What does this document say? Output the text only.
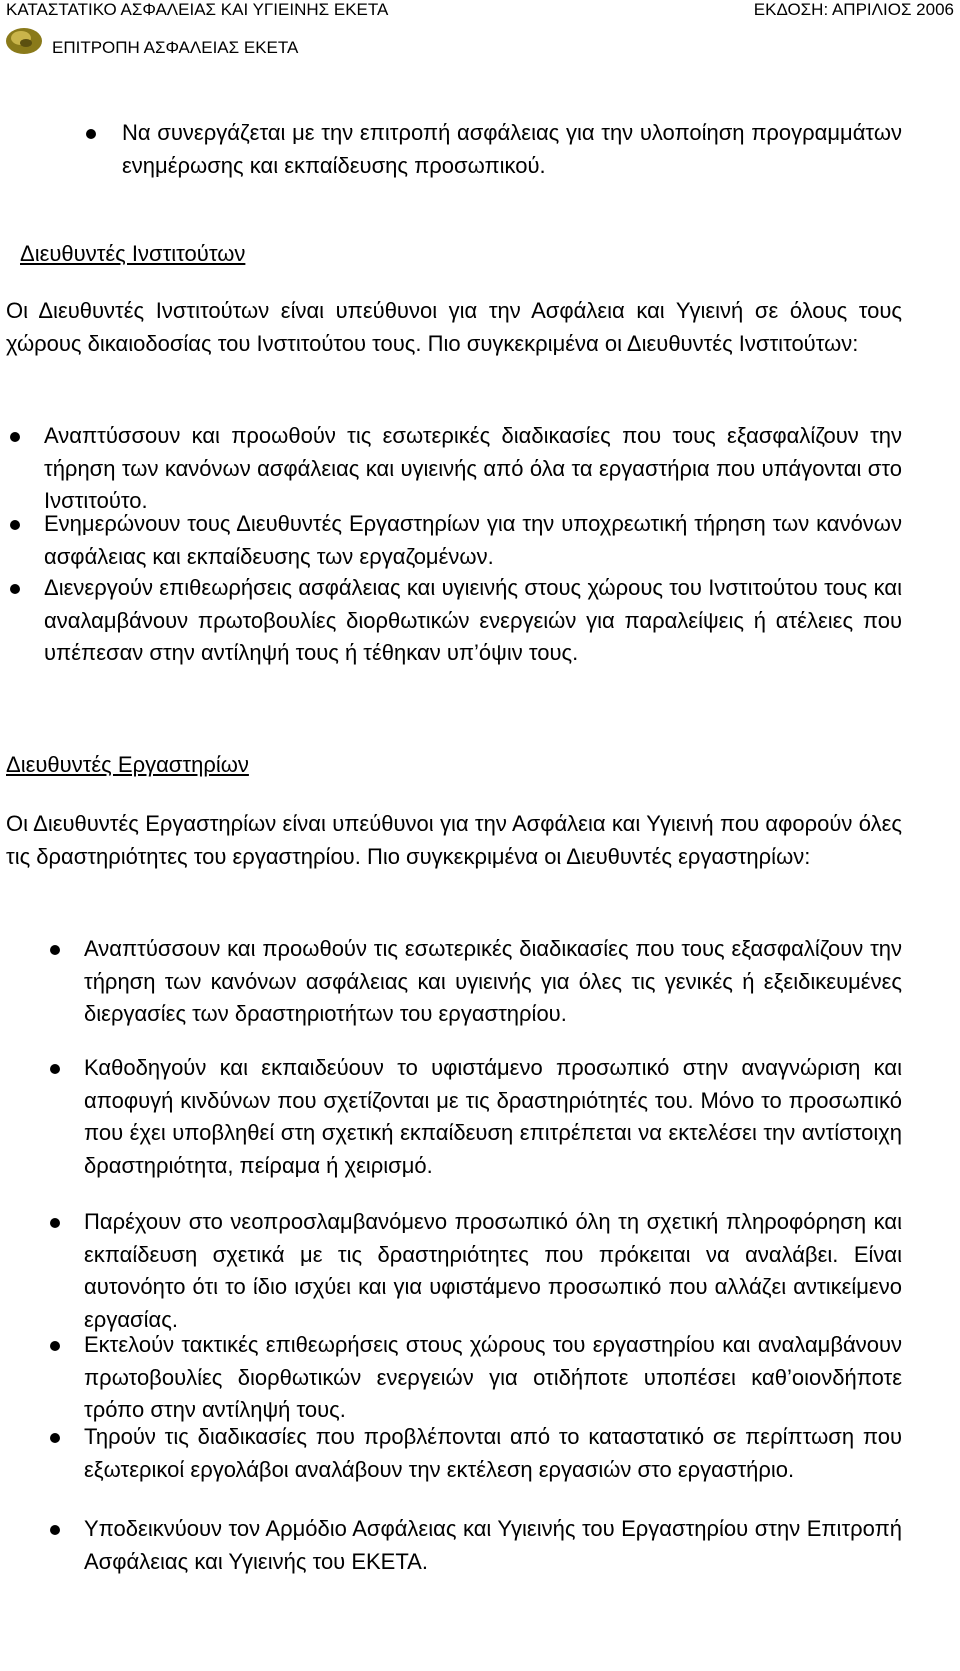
ΚΑΤΑΣΤΑΤΙΚΟ ΑΣΦΑΛΕΙΑΣ ΚΑΙ ΥΓΙΕΙΝΗΣ ΕΚΕΤΑ	ΕΚΔΟΣΗ: ΑΠΡΙΛΙΟΣ 2006
ΕΠΙΤΡΟΠΗ ΑΣΦΑΛΕΙΑΣ ΕΚΕΤΑ
Να συνεργάζεται με την επιτροπή ασφάλειας για την υλοποίηση προγραμμάτων ενημέρωσης και εκπαίδευσης προσωπικού.
Διευθυντές Ινστιτούτων
Οι Διευθυντές Ινστιτούτων είναι υπεύθυνοι για την Ασφάλεια και Υγιεινή σε όλους τους χώρους δικαιοδοσίας του Ινστιτούτου τους. Πιο συγκεκριμένα οι Διευθυντές Ινστιτούτων:
Αναπτύσσουν και προωθούν τις εσωτερικές διαδικασίες που τους εξασφαλίζουν την τήρηση των κανόνων ασφάλειας και υγιεινής από όλα τα εργαστήρια που υπάγονται στο Ινστιτούτο.
Ενημερώνουν τους Διευθυντές Εργαστηρίων για την υποχρεωτική τήρηση των κανόνων ασφάλειας και εκπαίδευσης των εργαζομένων.
Διενεργούν επιθεωρήσεις ασφάλειας και υγιεινής στους χώρους του Ινστιτούτου τους και αναλαμβάνουν πρωτοβουλίες διορθωτικών ενεργειών για παραλείψεις ή ατέλειες που υπέπεσαν στην αντίληψή τους ή τέθηκαν υπ’όψιν τους.
Διευθυντές Εργαστηρίων
Οι Διευθυντές Εργαστηρίων είναι υπεύθυνοι για την Ασφάλεια και Υγιεινή που αφορούν όλες τις δραστηριότητες του εργαστηρίου. Πιο συγκεκριμένα οι Διευθυντές εργαστηρίων:
Αναπτύσσουν και προωθούν τις εσωτερικές διαδικασίες που τους εξασφαλίζουν την τήρηση των κανόνων ασφάλειας και υγιεινής για όλες τις γενικές ή εξειδικευμένες διεργασίες των δραστηριοτήτων του εργαστηρίου.
Καθοδηγούν και εκπαιδεύουν το υφιστάμενο προσωπικό στην αναγνώριση και αποφυγή κινδύνων που σχετίζονται με τις δραστηριότητές του. Μόνο το προσωπικό που έχει υποβληθεί στη σχετική εκπαίδευση επιτρέπεται να εκτελέσει την αντίστοιχη δραστηριότητα, πείραμα ή χειρισμό.
Παρέχουν στο νεοπροσλαμβανόμενο προσωπικό όλη τη σχετική πληροφόρηση και εκπαίδευση σχετικά με τις δραστηριότητες που πρόκειται να αναλάβει. Είναι αυτονόητο ότι το ίδιο ισχύει και για υφιστάμενο προσωπικό που αλλάζει αντικείμενο εργασίας.
Εκτελούν τακτικές επιθεωρήσεις στους χώρους του εργαστηρίου και αναλαμβάνουν πρωτοβουλίες διορθωτικών ενεργειών για οτιδήποτε υποπέσει καθ’οιονδήποτε τρόπο στην αντίληψή τους.
Τηρούν τις διαδικασίες που προβλέπονται από το καταστατικό σε περίπτωση που εξωτερικοί εργολάβοι αναλάβουν την εκτέλεση εργασιών στο εργαστήριο.
Υποδεικνύουν τον Αρμόδιο Ασφάλειας και Υγιεινής του Εργαστηρίου στην Επιτροπή Ασφάλειας και Υγιεινής του ΕΚΕΤΑ.
